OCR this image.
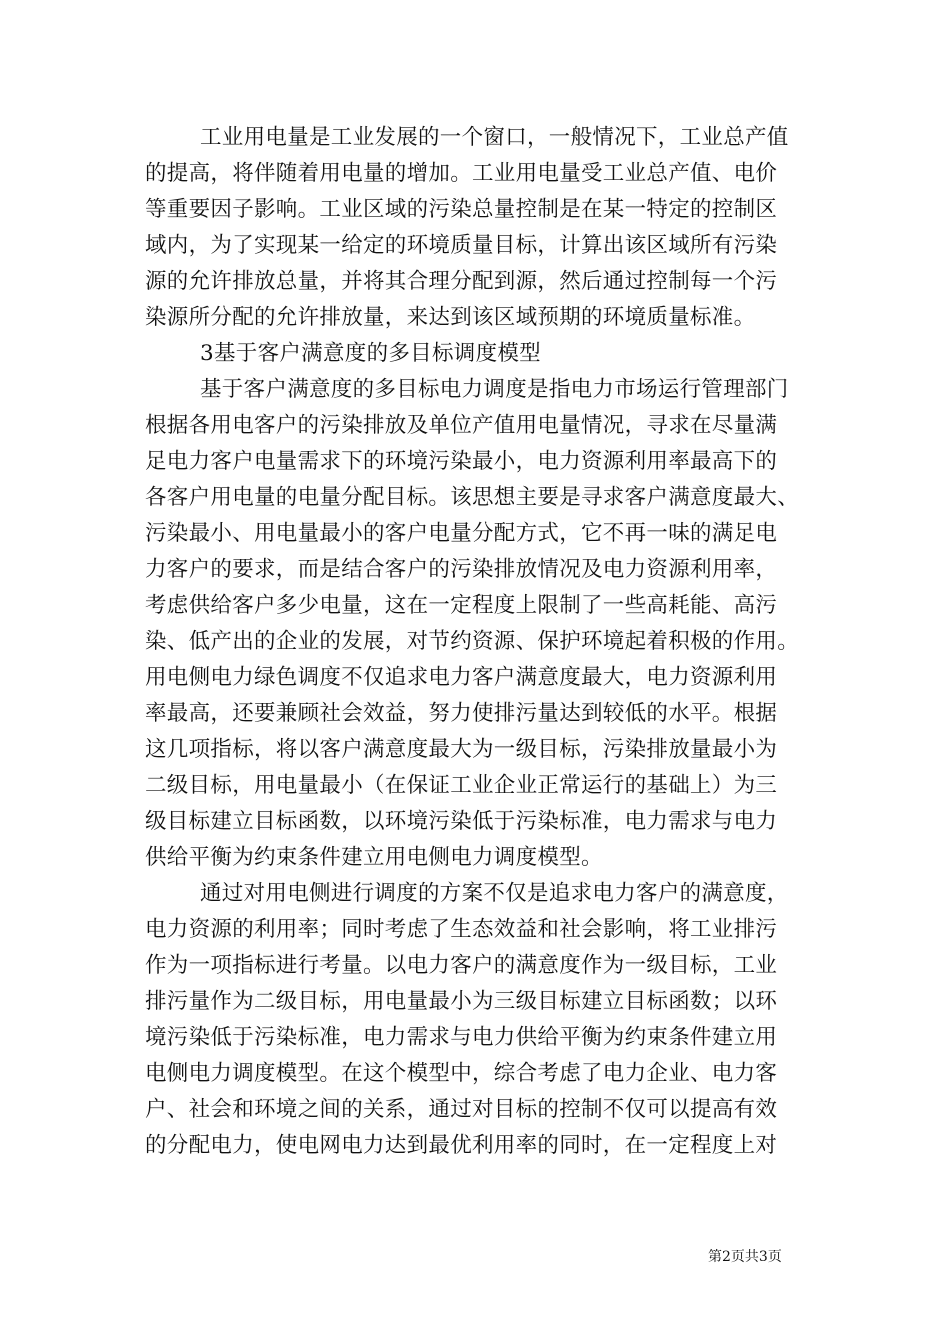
工业用电量是工业发展的一个窗口，一般情况下，工业总产值
的提高，将伴随着用电量的增加。工业用电量受工业总产值、电价
等重要因子影响。工业区域的污染总量控制是在某一特定的控制区
域内，为了实现某一给定的环境质量目标，计算出该区域所有污染
源的允许排放总量，并将其合理分配到源，然后通过控制每一个污
染源所分配的允许排放量，来达到该区域预期的环境质量标准。
3基于客户满意度的多目标调度模型
基于客户满意度的多目标电力调度是指电力市场运行管理部门
根据各用电客户的污染排放及单位产值用电量情况，寻求在尽量满
足电力客户电量需求下的环境污染最小，电力资源利用率最高下的
各客户用电量的电量分配目标。该思想主要是寻求客户满意度最大、
污染最小、用电量最小的客户电量分配方式，它不再一味的满足电
力客户的要求，而是结合客户的污染排放情况及电力资源利用率，
考虑供给客户多少电量，这在一定程度上限制了一些高耗能、高污
染、低产出的企业的发展，对节约资源、保护环境起着积极的作用。
用电侧电力绿色调度不仅追求电力客户满意度最大，电力资源利用
率最高，还要兼顾社会效益，努力使排污量达到较低的水平。根据
这几项指标，将以客户满意度最大为一级目标，污染排放量最小为
二级目标，用电量最小（在保证工业企业正常运行的基础上）为三
级目标建立目标函数，以环境污染低于污染标准，电力需求与电力
供给平衡为约束条件建立用电侧电力调度模型。
通过对用电侧进行调度的方案不仅是追求电力客户的满意度，
电力资源的利用率；同时考虑了生态效益和社会影响，将工业排污
作为一项指标进行考量。以电力客户的满意度作为一级目标，工业
排污量作为二级目标，用电量最小为三级目标建立目标函数；以环
境污染低于污染标准，电力需求与电力供给平衡为约束条件建立用
电侧电力调度模型。在这个模型中，综合考虑了电力企业、电力客
户、社会和环境之间的关系，通过对目标的控制不仅可以提高有效
的分配电力，使电网电力达到最优利用率的同时，在一定程度上对
第2页共3页
